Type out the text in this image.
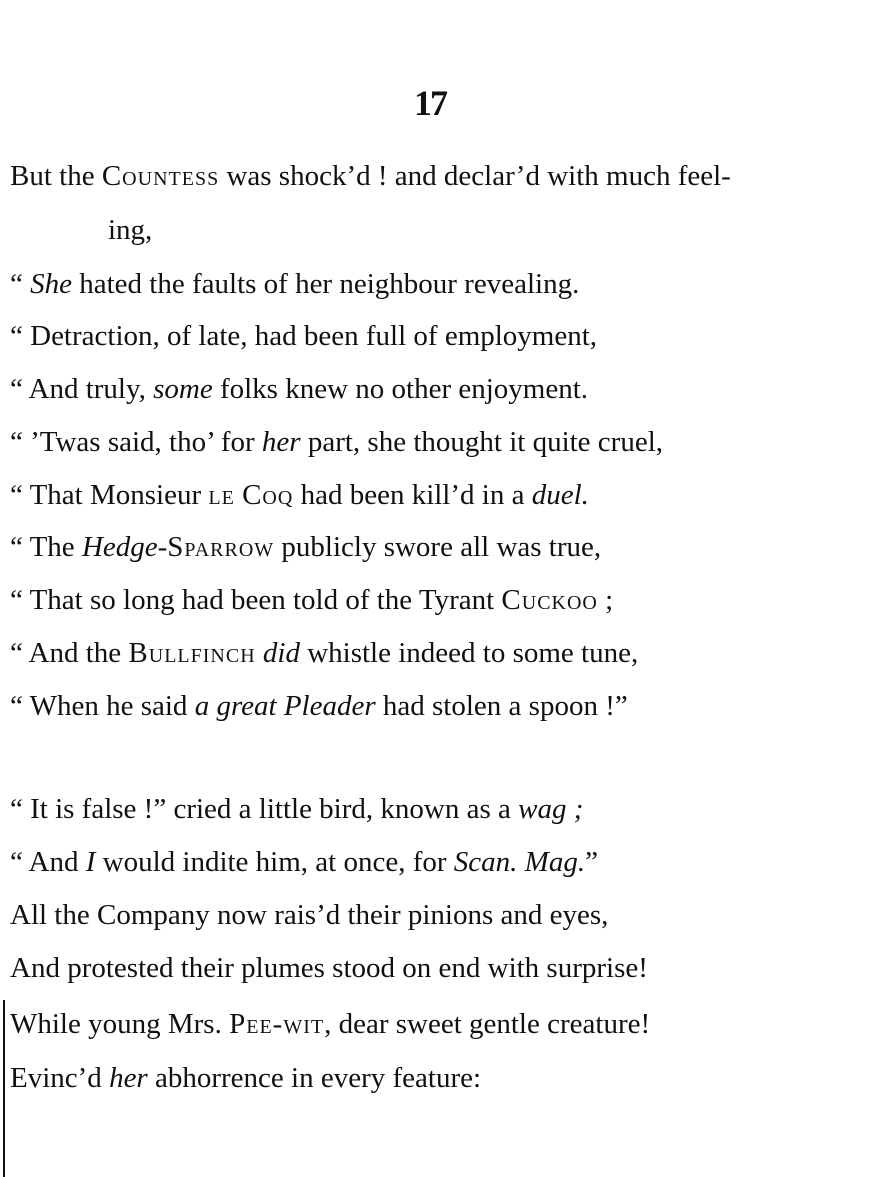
17
But the Countess was shock’d ! and declar’d with much feel-
ing,
“ She hated the faults of her neighbour revealing.
“ Detraction, of late, had been full of employment,
“ And truly, some folks knew no other enjoyment.
“ ’Twas said, tho’ for her part, she thought it quite cruel,
“ That Monsieur le Coq had been kill’d in a duel.
“ The Hedge-Sparrow publicly swore all was true,
“ That so long had been told of the Tyrant Cuckoo ;
“ And the Bullfinch did whistle indeed to some tune,
“ When he said a great Pleader had stolen a spoon !”
“ It is false !” cried a little bird, known as a wag ;
“ And I would indite him, at once, for Scan. Mag.”
All the Company now rais’d their pinions and eyes,
And protested their plumes stood on end with surprise!
While young Mrs. Pee-wit, dear sweet gentle creature!
Evinc’d her abhorrence in every feature:
